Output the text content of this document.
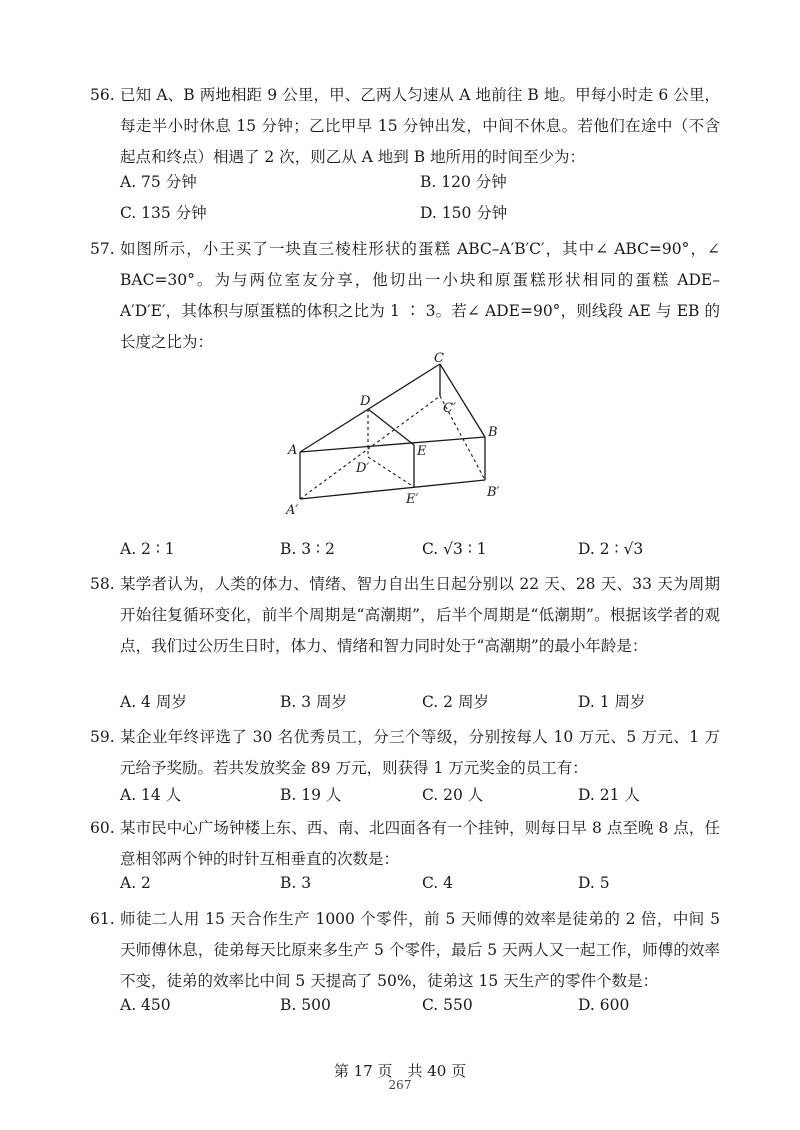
56. 已知 A、B 两地相距 9 公里，甲、乙两人匀速从 A 地前往 B 地。甲每小时走 6 公里，每走半小时休息 15 分钟；乙比甲早 15 分钟出发，中间不休息。若他们在途中（不含起点和终点）相遇了 2 次，则乙从 A 地到 B 地所用的时间至少为：
A. 75 分钟	B. 120 分钟
C. 135 分钟	D. 150 分钟
57. 如图所示，小王买了一块直三棱柱形状的蛋糕 ABC–A′B′C′，其中∠ ABC=90°，∠ BAC=30°。为与两位室友分享，他切出一小块和原蛋糕形状相同的蛋糕 ADE–A′D′E′，其体积与原蛋糕的体积之比为 1 ∶ 3。若∠ ADE=90°，则线段 AE 与 EB 的长度之比为：
C
D	C′
A	E
B
D′
E′	B′
A′
A. 2 ∶ 1	B. 3 ∶ 2	C. √3 ∶ 1	D. 2 ∶ √3
58. 某学者认为，人类的体力、情绪、智力自出生日起分别以 22 天、28 天、33 天为周期开始往复循环变化，前半个周期是“高潮期”，后半个周期是“低潮期”。根据该学者的观点，我们过公历生日时，体力、情绪和智力同时处于“高潮期”的最小年龄是：
A. 4 周岁	B. 3 周岁	C. 2 周岁	D. 1 周岁
59. 某企业年终评选了 30 名优秀员工，分三个等级，分别按每人 10 万元、5 万元、1 万元给予奖励。若共发放奖金 89 万元，则获得 1 万元奖金的员工有：
A. 14 人	B. 19 人	C. 20 人	D. 21 人
60. 某市民中心广场钟楼上东、西、南、北四面各有一个挂钟，则每日早 8 点至晚 8 点，任意相邻两个钟的时针互相垂直的次数是：
A. 2	B. 3	C. 4	D. 5
61. 师徒二人用 15 天合作生产 1000 个零件，前 5 天师傅的效率是徒弟的 2 倍，中间 5 天师傅休息，徒弟每天比原来多生产 5 个零件，最后 5 天两人又一起工作，师傅的效率不变，徒弟的效率比中间 5 天提高了 50%，徒弟这 15 天生产的零件个数是：
A. 450	B. 500	C. 550	D. 600
第 17 页　共 40 页
267
